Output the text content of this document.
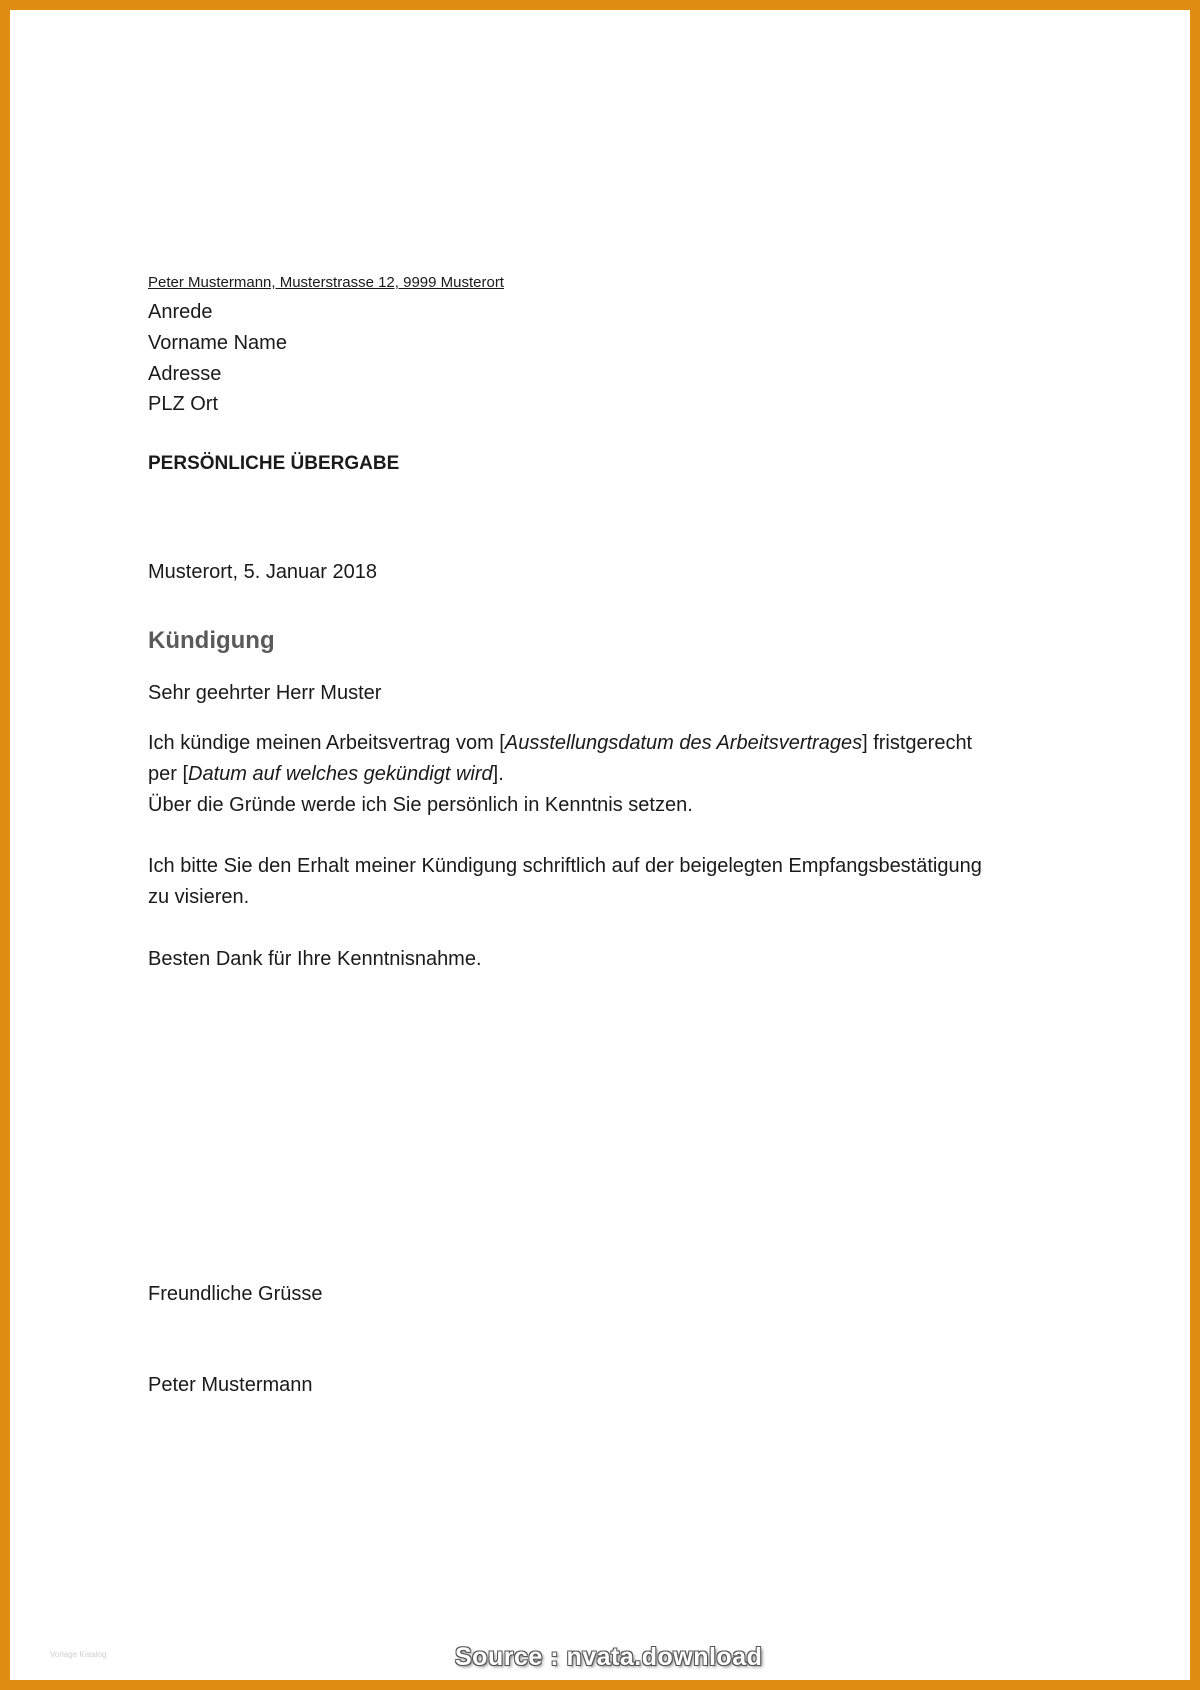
Peter Mustermann, Musterstrasse 12, 9999 Musterort
Anrede
Vorname Name
Adresse
PLZ Ort
PERSÖNLICHE ÜBERGABE
Musterort, 5. Januar 2018
Kündigung
Sehr geehrter Herr Muster
Ich kündige meinen Arbeitsvertrag vom [Ausstellungsdatum des Arbeitsvertrages] fristgerecht
per [Datum auf welches gekündigt wird].
Über die Gründe werde ich Sie persönlich in Kenntnis setzen.
Ich bitte Sie den Erhalt meiner Kündigung schriftlich auf der beigelegten Empfangsbestätigung
zu visieren.
Besten Dank für Ihre Kenntnisnahme.
Freundliche Grüsse
Peter Mustermann
Vorlage Katalog	Source : nvata.download
